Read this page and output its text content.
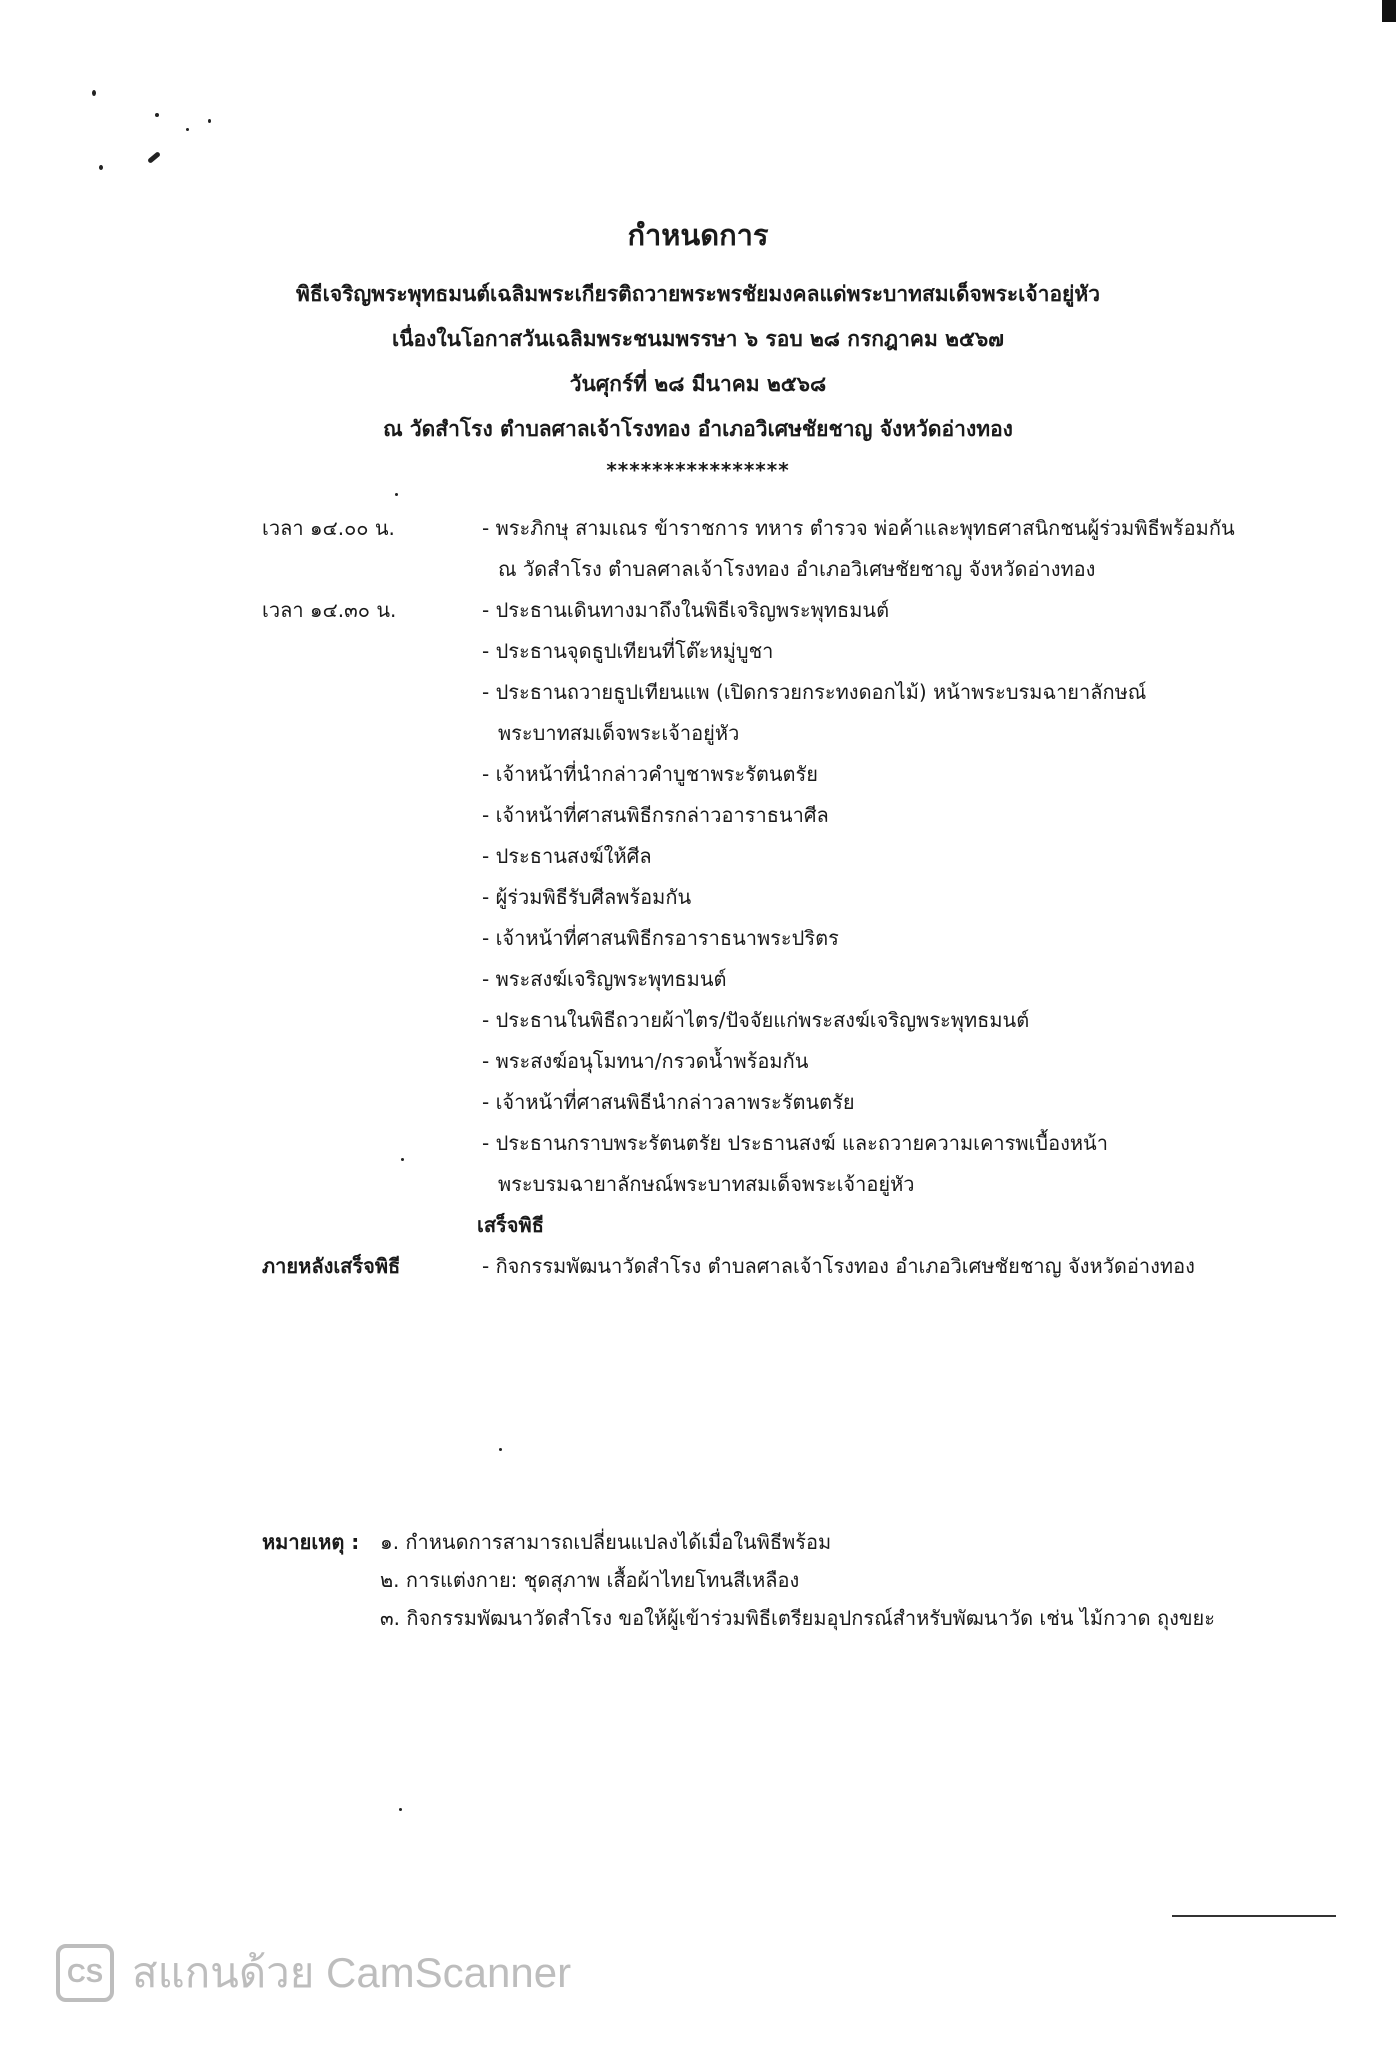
กำหนดการ
พิธีเจริญพระพุทธมนต์เฉลิมพระเกียรติถวายพระพรชัยมงคลแด่พระบาทสมเด็จพระเจ้าอยู่หัว
เนื่องในโอกาสวันเฉลิมพระชนมพรรษา ๖ รอบ ๒๘ กรกฎาคม ๒๕๖๗
วันศุกร์ที่ ๒๘ มีนาคม ๒๕๖๘
ณ วัดสำโรง ตำบลศาลเจ้าโรงทอง อำเภอวิเศษชัยชาญ จังหวัดอ่างทอง
****************
เวลา ๑๔.๐๐ น.	- พระภิกษุ สามเณร ข้าราชการ ทหาร ตำรวจ พ่อค้าและพุทธศาสนิกชนผู้ร่วมพิธีพร้อมกัน
ณ วัดสำโรง ตำบลศาลเจ้าโรงทอง อำเภอวิเศษชัยชาญ จังหวัดอ่างทอง
เวลา ๑๔.๓๐ น.	- ประธานเดินทางมาถึงในพิธีเจริญพระพุทธมนต์
- ประธานจุดธูปเทียนที่โต๊ะหมู่บูชา
- ประธานถวายธูปเทียนแพ (เปิดกรวยกระทงดอกไม้) หน้าพระบรมฉายาลักษณ์
พระบาทสมเด็จพระเจ้าอยู่หัว
- เจ้าหน้าที่นำกล่าวคำบูชาพระรัตนตรัย
- เจ้าหน้าที่ศาสนพิธีกรกล่าวอาราธนาศีล
- ประธานสงฆ์ให้ศีล
- ผู้ร่วมพิธีรับศีลพร้อมกัน
- เจ้าหน้าที่ศาสนพิธีกรอาราธนาพระปริตร
- พระสงฆ์เจริญพระพุทธมนต์
- ประธานในพิธีถวายผ้าไตร/ปัจจัยแก่พระสงฆ์เจริญพระพุทธมนต์
- พระสงฆ์อนุโมทนา/กรวดน้ำพร้อมกัน
- เจ้าหน้าที่ศาสนพิธีนำกล่าวลาพระรัตนตรัย
- ประธานกราบพระรัตนตรัย ประธานสงฆ์ และถวายความเคารพเบื้องหน้า
พระบรมฉายาลักษณ์พระบาทสมเด็จพระเจ้าอยู่หัว
เสร็จพิธี
ภายหลังเสร็จพิธี	- กิจกรรมพัฒนาวัดสำโรง ตำบลศาลเจ้าโรงทอง อำเภอวิเศษชัยชาญ จังหวัดอ่างทอง
หมายเหตุ :	๑. กำหนดการสามารถเปลี่ยนแปลงได้เมื่อในพิธีพร้อม
๒. การแต่งกาย: ชุดสุภาพ เสื้อผ้าไทยโทนสีเหลือง
๓. กิจกรรมพัฒนาวัดสำโรง ขอให้ผู้เข้าร่วมพิธีเตรียมอุปกรณ์สำหรับพัฒนาวัด เช่น ไม้กวาด ถุงขยะ
CS สแกนด้วย CamScanner
